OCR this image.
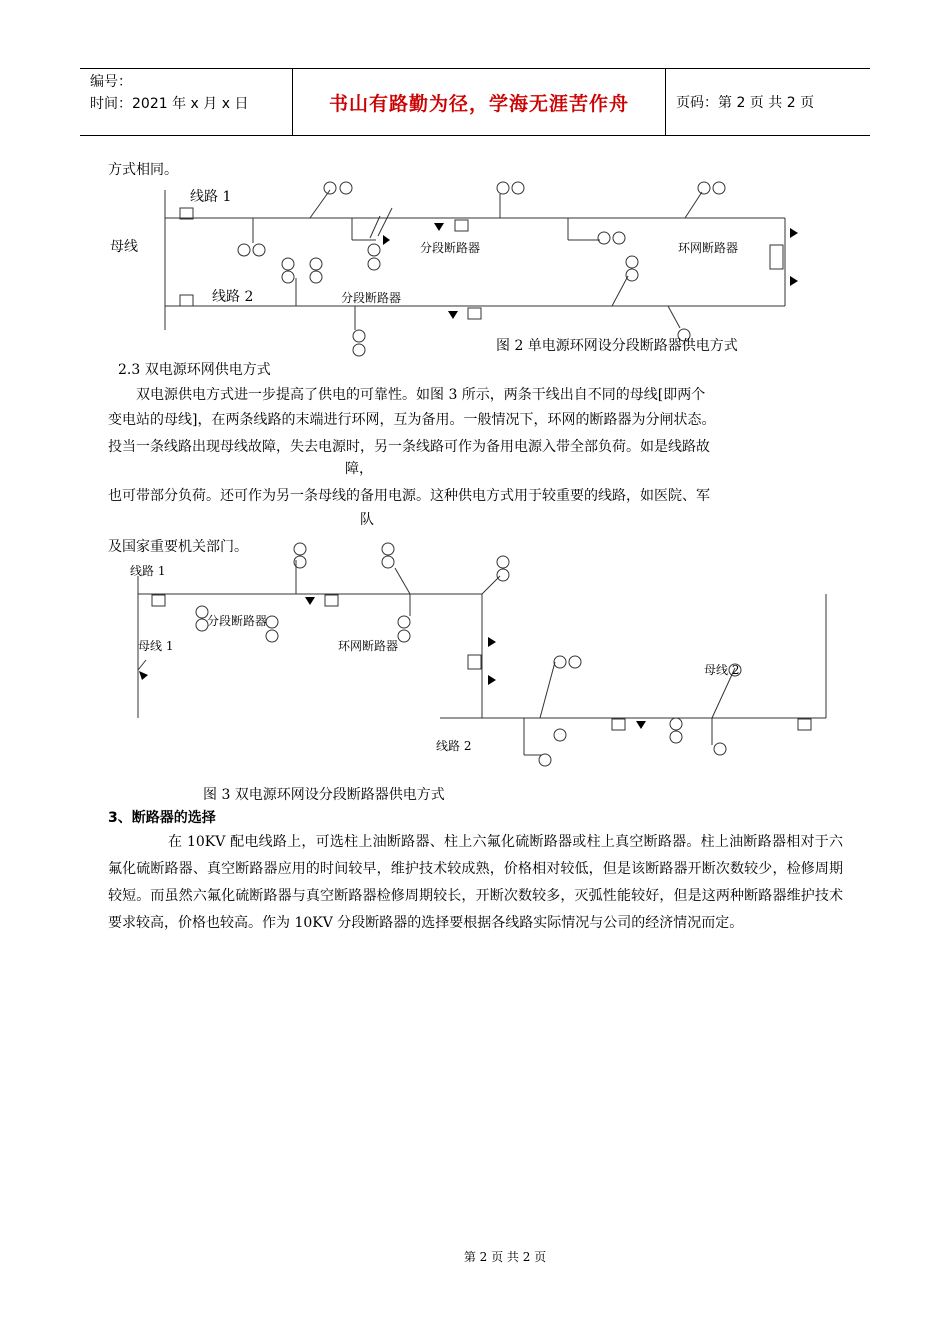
编号：
时间：2021 年 x 月 x 日	书山有路勤为径，学海无涯苦作舟	页码：第 2 页 共 2 页
方式相同。
线路 1
母线	分段断路器	环网断路器
线路 2	分段断路器
图 2 单电源环网设分段断路器供电方式
2.3 双电源环网供电方式
双电源供电方式进一步提高了供电的可靠性。如图 3 所示，两条干线出自不同的母线[即两个
变电站的母线]，在两条线路的末端进行环网，互为备用。一般情况下，环网的断路器为分闸状态。
投当一条线路出现母线故障，失去电源时，另一条线路可作为备用电源入带全部负荷。如是线路故
障，
也可带部分负荷。还可作为另一条母线的备用电源。这种供电方式用于较重要的线路，如医院、军
队
及国家重要机关部门。
线路 1
分段断路器
母线 1	环网断路器
母线 2
线路 2
图 3 双电源环网设分段断路器供电方式
3、断路器的选择
在 10KV 配电线路上，可选柱上油断路器、柱上六氟化硫断路器或柱上真空断路器。柱上油断路器相对于六氟化硫断路器、真空断路器应用的时间较早，维护技术较成熟，价格相对较低，但是该断路器开断次数较少，检修周期较短。而虽然六氟化硫断路器与真空断路器检修周期较长，开断次数较多，灭弧性能较好，但是这两种断路器维护技术要求较高，价格也较高。作为 10KV 分段断路器的选择要根据各线路实际情况与公司的经济情况而定。
第 2 页 共 2 页
